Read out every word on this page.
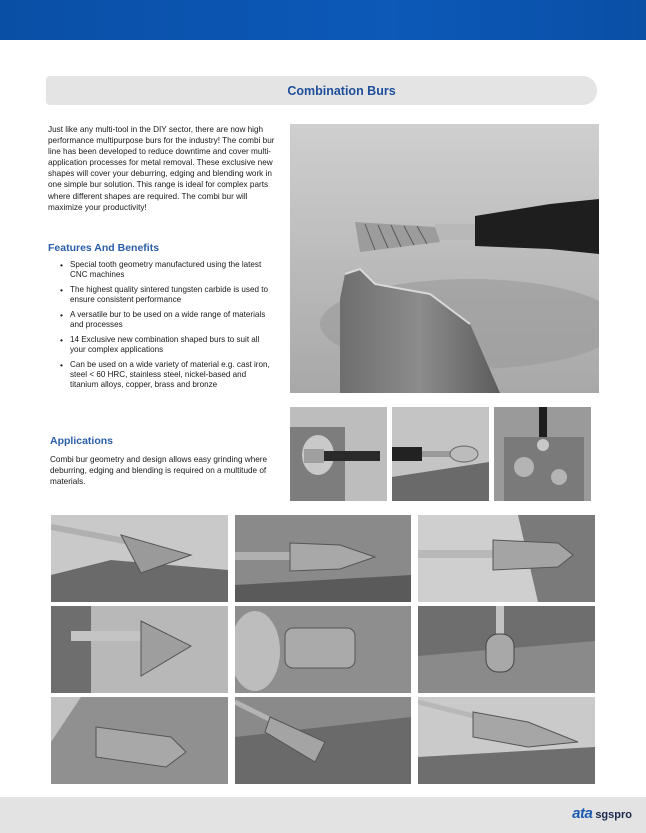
Combination Burs

Just like any multi-tool in the DIY sector, there are now high performance multipurpose burs for the industry! The combi bur line has been developed to reduce downtime and cover multi-application processes for metal removal. These exclusive new shapes will cover your deburring, edging and blending work in one simple bur solution. This range is ideal for complex parts where different shapes are required. The combi bur will maximize your productivity!

Features And Benefits
• Special tooth geometry manufactured using the latest CNC machines
• The highest quality sintered tungsten carbide is used to ensure consistent performance
• A versatile bur to be used on a wide range of materials and processes
• 14 Exclusive new combination shaped burs to suit all your complex applications
• Can be used on a wide variety of material e.g. cast iron, steel < 60 HRC, stainless steel, nickel-based and titanium alloys, copper, brass and bronze
Applications

Combi bur geometry and design allows easy grinding where deburring, edging and blending is required on a multitude of materials.

ata sgspro
